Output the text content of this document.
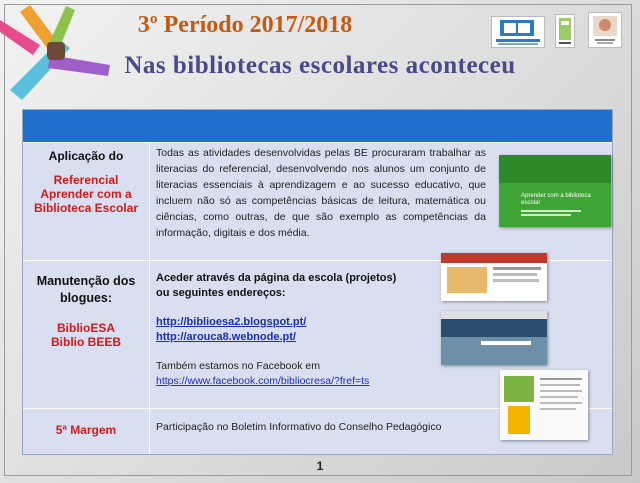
3º Período 2017/2018
Nas bibliotecas escolares aconteceu
Aplicação do
Referencial
Aprender com a
Biblioteca Escolar
Todas as atividades desenvolvidas pelas BE procuraram trabalhar as literacias do referencial, desenvolvendo nos alunos um conjunto de literacias essenciais à aprendizagem e ao sucesso educativo, que incluem não só as competências básicas de leitura, matemática ou ciências, como outras, de que são exemplo as competências da informação, digitais e dos média.
Aprender com a biblioteca escolar
Manutenção dos blogues:
BiblioESA
Biblio BEEB
Aceder através da página da escola (projetos)
ou seguintes endereços:
http://biblioesa2.blogspot.pt/
http://arouca8.webnode.pt/
Também estamos no Facebook em
https://www.facebook.com/bibliocresa/?fref=ts
5ª Margem	Participação no Boletim Informativo do Conselho Pedagógico
1
